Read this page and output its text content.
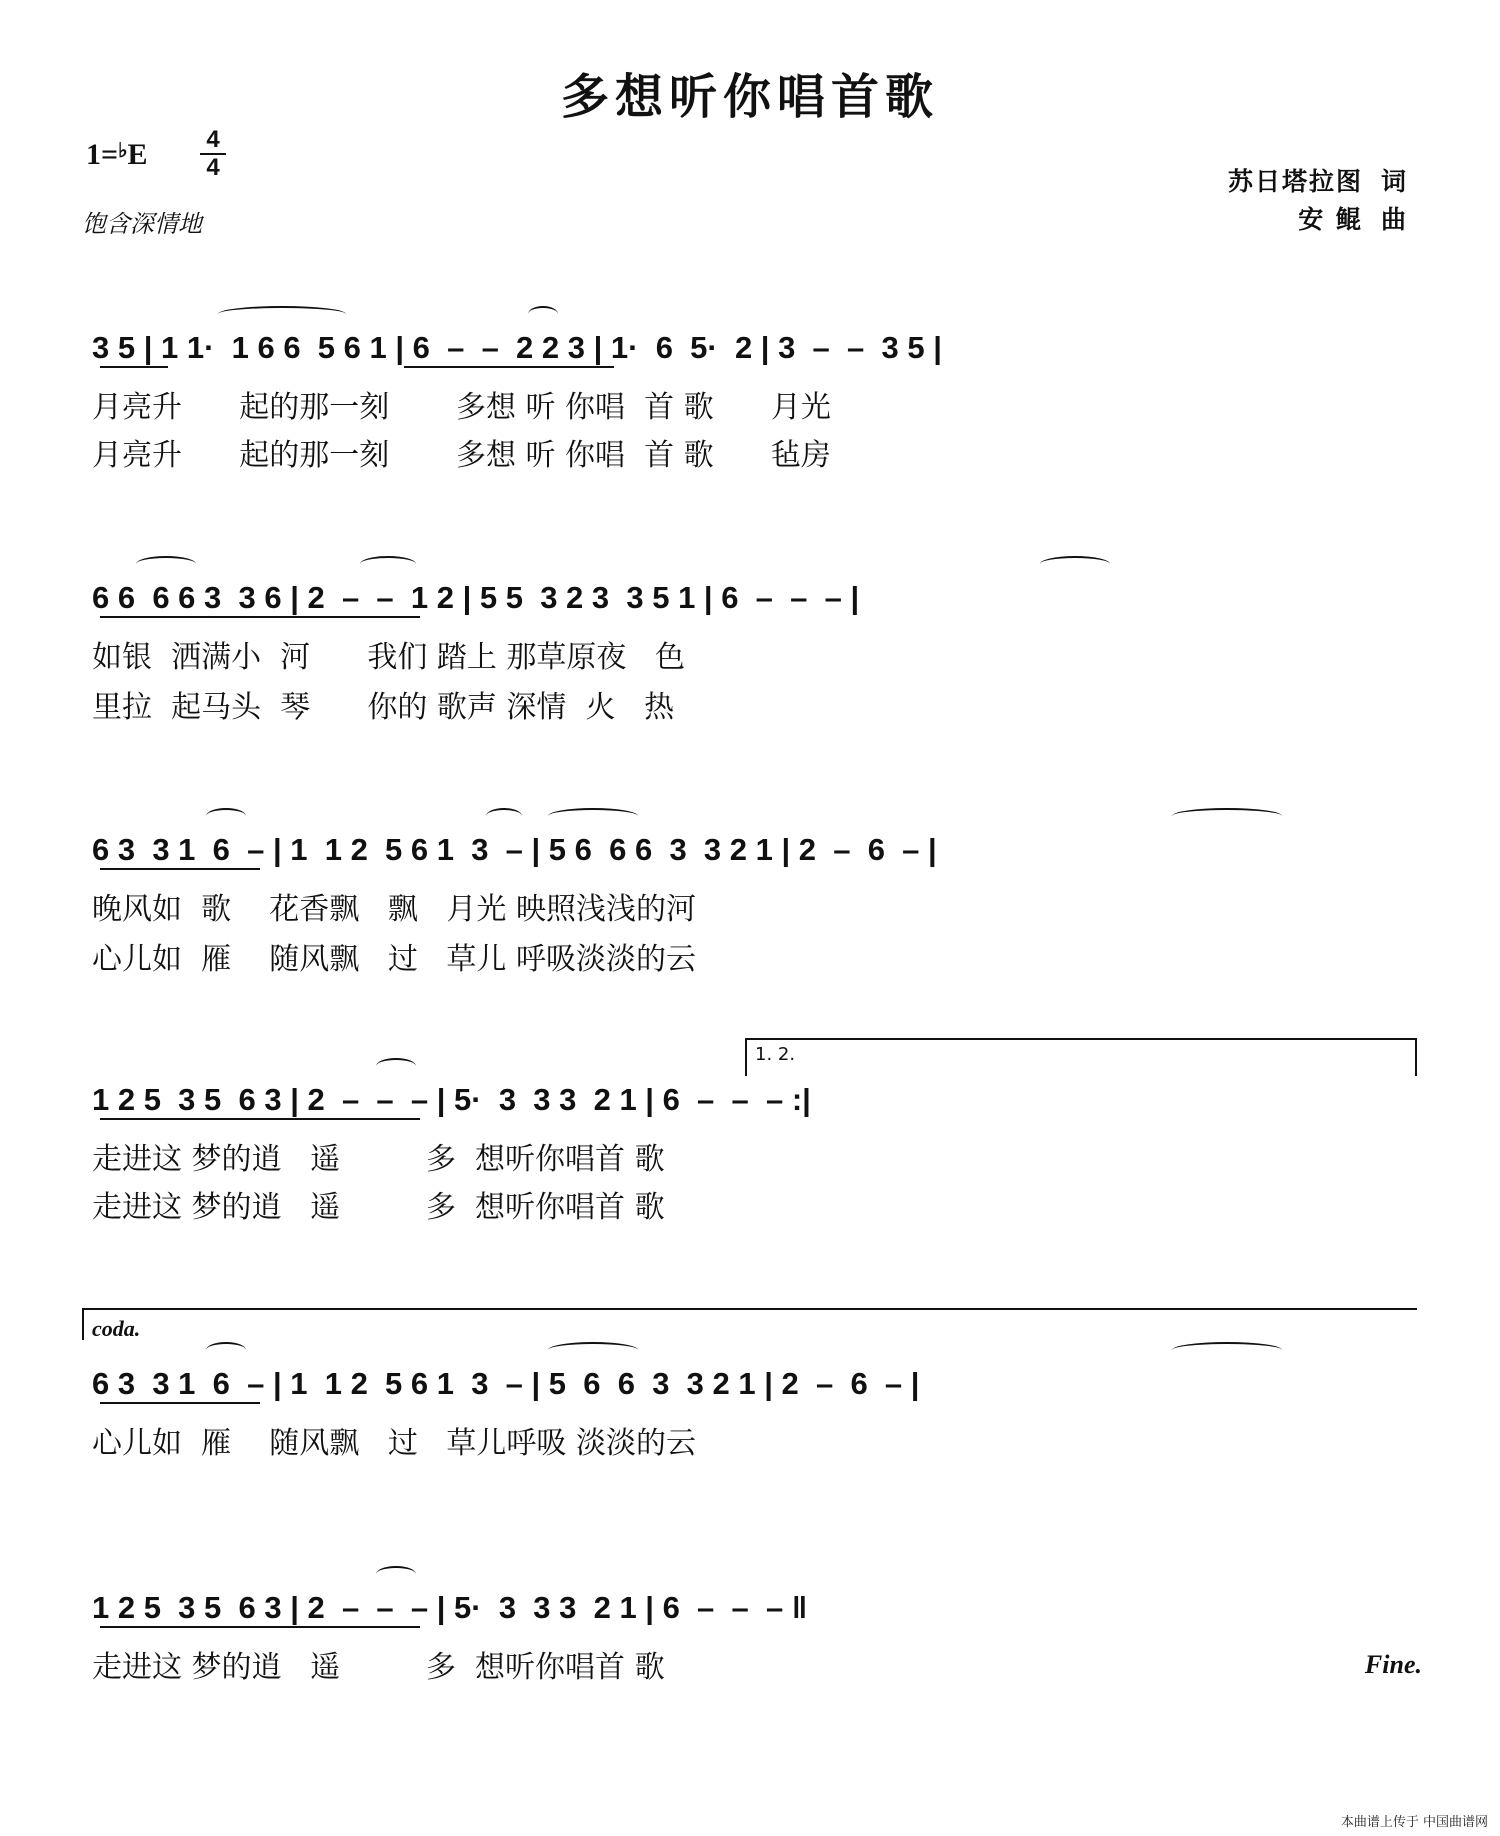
多想听你唱首歌
1=♭E 4
4
饱含深情地
苏日塔拉图 词
安 鲲 曲
3 5 | 1 1·  1 6 6  5 6 1 | 6  –  –  2 2 3 | 1·  6  5·  2 | 3  –  –  3 5 |
月亮升      起的那一刻       多想 听 你唱  首 歌      月光
月亮升      起的那一刻       多想 听 你唱  首 歌      毡房
6 6  6 6 3  3 6 | 2  –  –  1 2 | 5 5  3 2 3  3 5 1 | 6  –  –  – |
如银  洒满小  河      我们 踏上 那草原夜   色
里拉  起马头  琴      你的 歌声 深情  火   热
6 3  3 1  6  – | 1  1 2  5 6 1  3  – | 5 6  6 6  3  3 2 1 | 2  –  6  – |
晚风如  歌    花香飘   飘   月光 映照浅浅的河
心儿如  雁    随风飘   过   草儿 呼吸淡淡的云
1. 2.
1 2 5  3 5  6 3 | 2  –  –  – | 5·  3  3 3  2 1 | 6  –  –  – :|
走进这 梦的逍   遥         多  想听你唱首 歌
走进这 梦的逍   遥         多  想听你唱首 歌
coda.
6 3  3 1  6  – | 1  1 2  5 6 1  3  – | 5  6  6  3  3 2 1 | 2  –  6  – |
心儿如  雁    随风飘   过   草儿呼吸 淡淡的云
1 2 5  3 5  6 3 | 2  –  –  – | 5·  3  3 3  2 1 | 6  –  –  – ‖
走进这 梦的逍   遥         多  想听你唱首 歌	Fine.
本曲谱上传于 中国曲谱网
